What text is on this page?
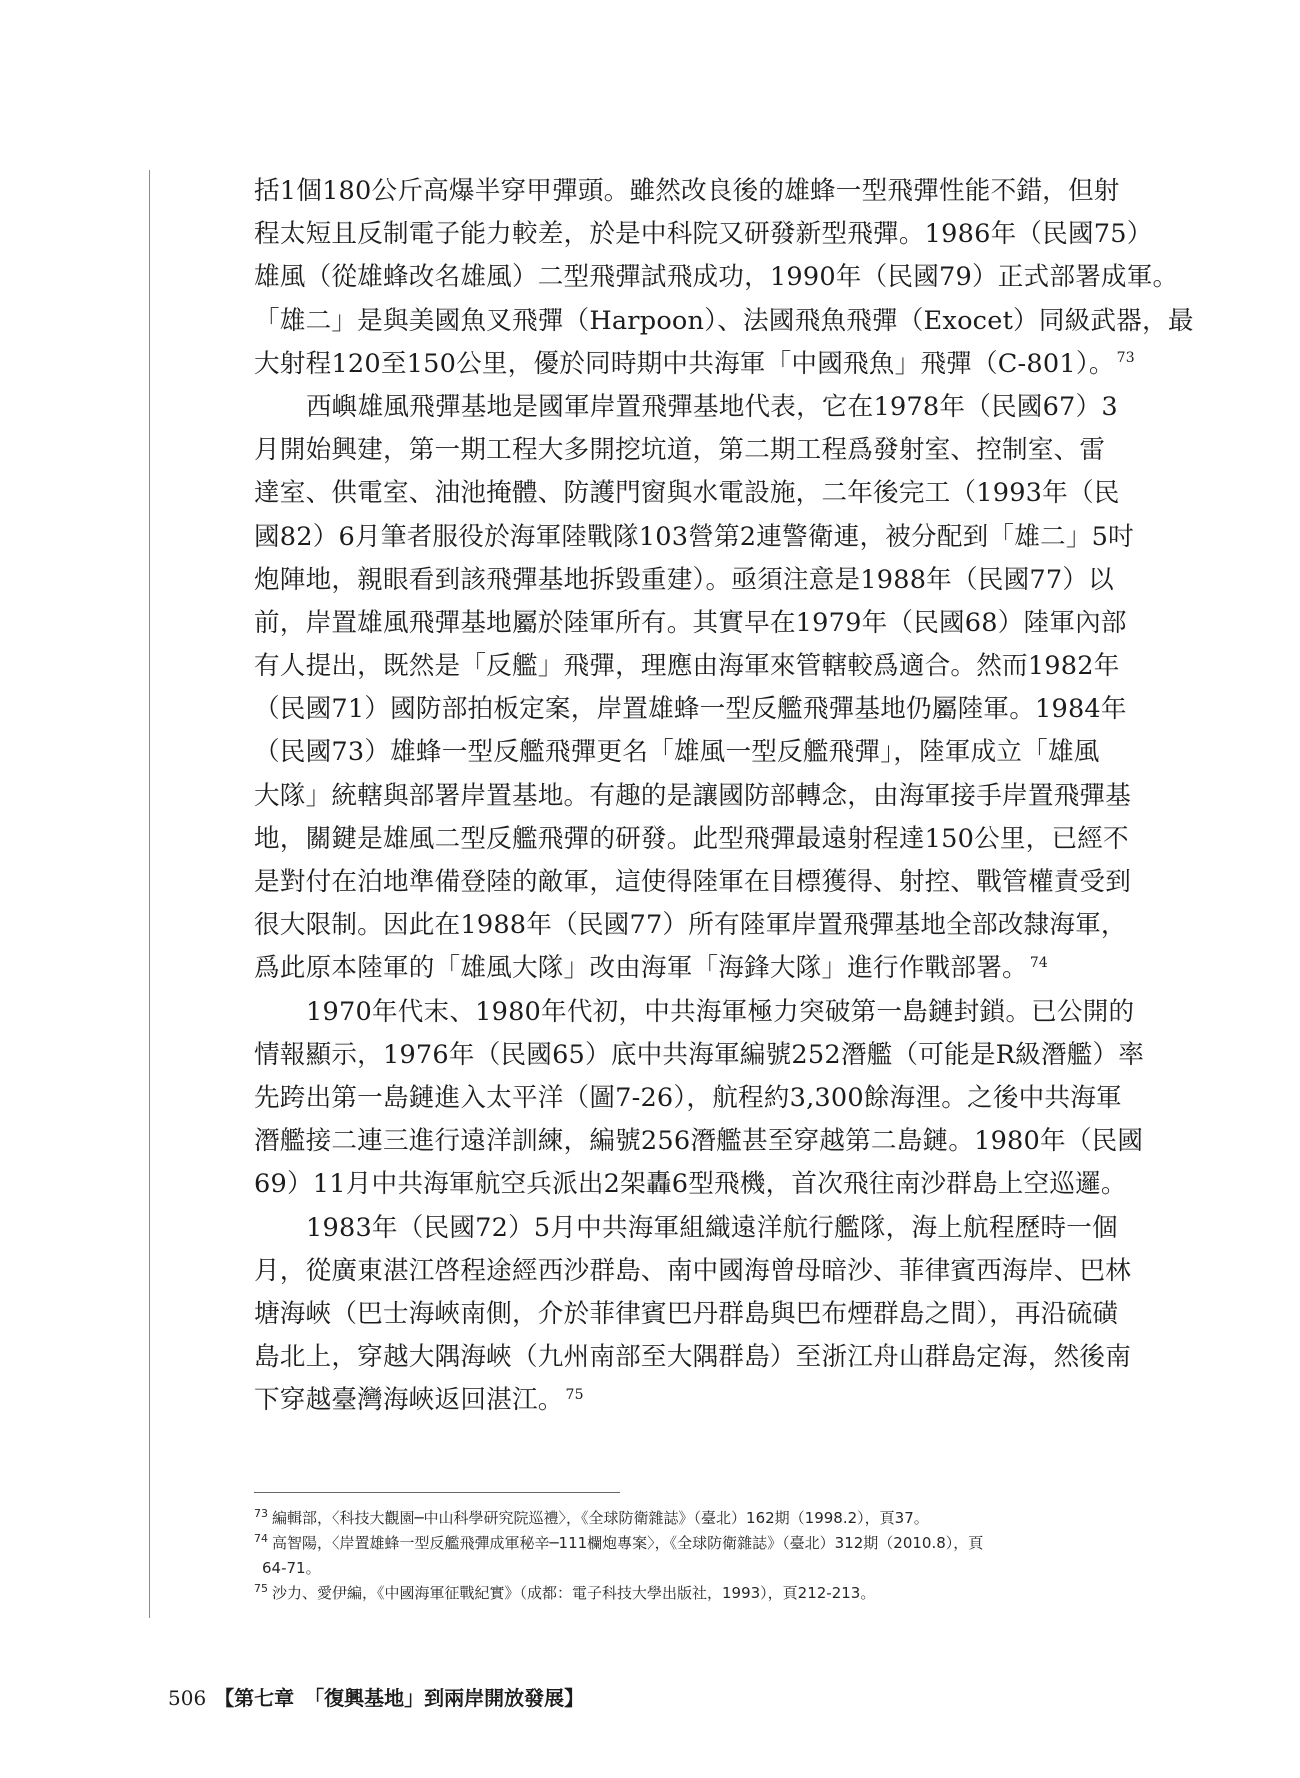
括1個180公斤高爆半穿甲彈頭。雖然改良後的雄蜂一型飛彈性能不錯，但射
程太短且反制電子能力較差，於是中科院又研發新型飛彈。1986年（民國75）
雄風（從雄蜂改名雄風）二型飛彈試飛成功，1990年（民國79）正式部署成軍。
「雄二」是與美國魚叉飛彈（Harpoon）、法國飛魚飛彈（Exocet）同級武器，最
大射程120至150公里，優於同時期中共海軍「中國飛魚」飛彈（C-801）。 $^{73}$
西嶼雄風飛彈基地是國軍岸置飛彈基地代表，它在1978年（民國67）3
月開始興建，第一期工程大多開挖坑道，第二期工程爲發射室、控制室、雷
達室、供電室、油池掩體、防護門窗與水電設施，二年後完工（1993年（民
國82）6月筆者服役於海軍陸戰隊103營第2連警衛連，被分配到「雄二」5吋
炮陣地，親眼看到該飛彈基地拆毀重建）。亟須注意是1988年（民國77）以
前，岸置雄風飛彈基地屬於陸軍所有。其實早在1979年（民國68）陸軍內部
有人提出，既然是「反艦」飛彈，理應由海軍來管轄較爲適合。然而1982年
（民國71）國防部拍板定案，岸置雄蜂一型反艦飛彈基地仍屬陸軍。1984年
（民國73）雄蜂一型反艦飛彈更名「雄風一型反艦飛彈」，陸軍成立「雄風
大隊」統轄與部署岸置基地。有趣的是讓國防部轉念，由海軍接手岸置飛彈基
地，關鍵是雄風二型反艦飛彈的研發。此型飛彈最遠射程達150公里，已經不
是對付在泊地準備登陸的敵軍，這使得陸軍在目標獲得、射控、戰管權責受到
很大限制。因此在1988年（民國77）所有陸軍岸置飛彈基地全部改隸海軍，
爲此原本陸軍的「雄風大隊」改由海軍「海鋒大隊」進行作戰部署。 $^{74}$
1970年代末、1980年代初，中共海軍極力突破第一島鏈封鎖。已公開的
情報顯示，1976年（民國65）底中共海軍編號252潛艦（可能是R級潛艦）率
先跨出第一島鏈進入太平洋（圖7-26），航程約3,300餘海浬。之後中共海軍
潛艦接二連三進行遠洋訓練，編號256潛艦甚至穿越第二島鏈。1980年（民國
69）11月中共海軍航空兵派出2架轟6型飛機，首次飛往南沙群島上空巡邏。
1983年（民國72）5月中共海軍組織遠洋航行艦隊，海上航程歷時一個
月，從廣東湛江啓程途經西沙群島、南中國海曾母暗沙、菲律賓西海岸、巴林
塘海峽（巴士海峽南側，介於菲律賓巴丹群島與巴布煙群島之間），再沿硫磺
島北上，穿越大隅海峽（九州南部至大隅群島）至浙江舟山群島定海，然後南
下穿越臺灣海峽返回湛江。 $^{75}$
$^{73}$ 編輯部，〈科技大觀園─中山科學研究院巡禮〉，《全球防衛雜誌》（臺北）162期（1998.2），頁37。
$^{74}$ 高智陽，〈岸置雄蜂一型反艦飛彈成軍秘辛─111欄炮專案〉，《全球防衛雜誌》（臺北）312期（2010.8），頁
64-71。
$^{75}$ 沙力、愛伊編，《中國海軍征戰紀實》（成都：電子科技大學出版社，1993），頁212-213。
506 【第七章　「復興基地」到兩岸開放發展】
